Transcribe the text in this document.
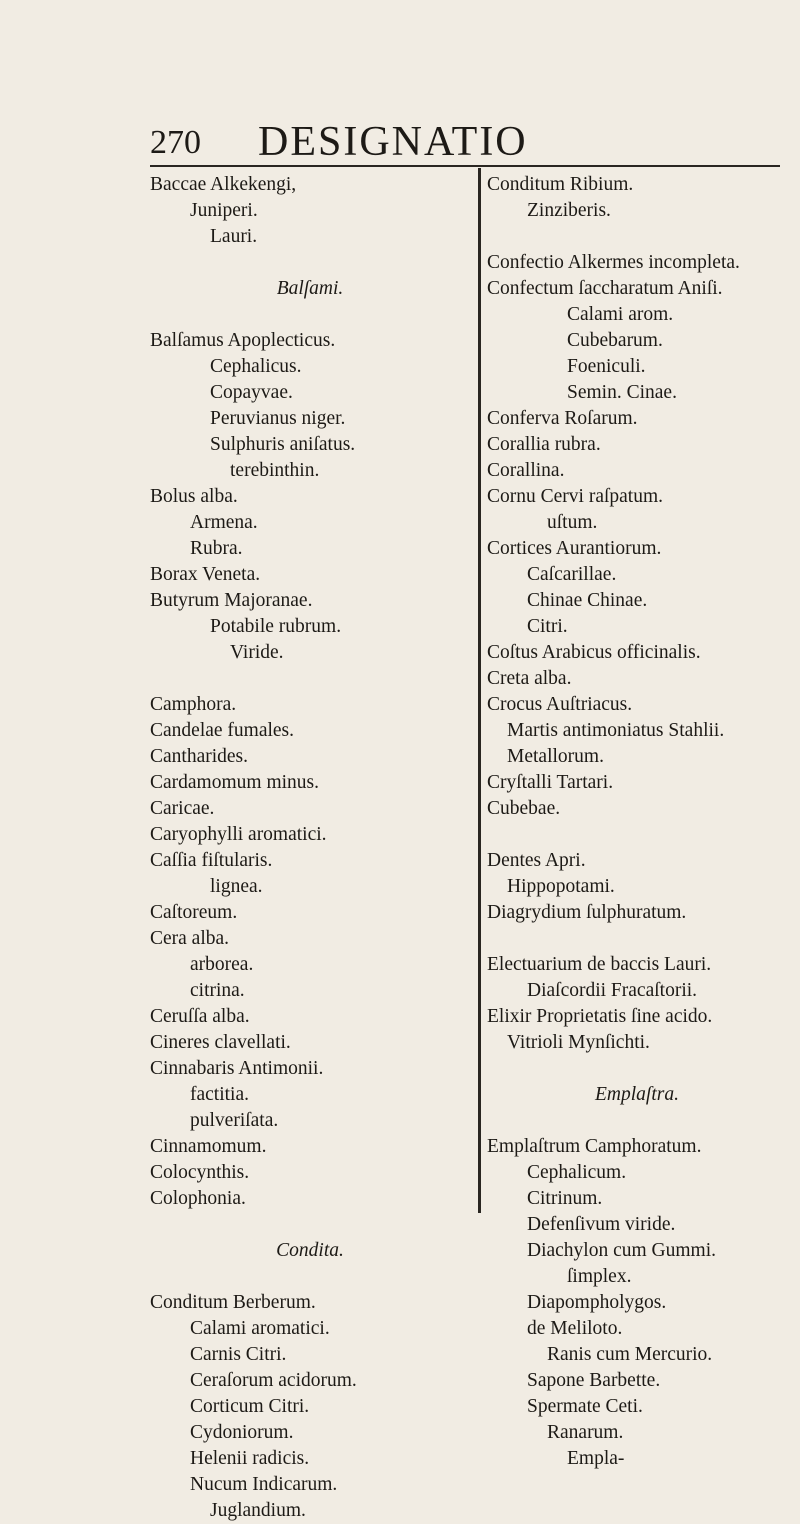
270 DESIGNATIO
Baccae Alkekengi,
Juniperi.
Lauri.
Balſami.
Balſamus Apoplecticus.
Cephalicus.
Copayvae.
Peruvianus niger.
Sulphuris aniſatus.
terebinthin.
Bolus alba.
Armena.
Rubra.
Borax Veneta.
Butyrum Majoranae.
Potabile rubrum.
Viride.
Camphora.
Candelae fumales.
Cantharides.
Cardamomum minus.
Caricae.
Caryophylli aromatici.
Caſſia fiſtularis.
lignea.
Caſtoreum.
Cera alba.
arborea.
citrina.
Ceruſſa alba.
Cineres clavellati.
Cinnabaris Antimonii.
factitia.
pulveriſata.
Cinnamomum.
Colocynthis.
Colophonia.
Condita.
Conditum Berberum.
Calami aromatici.
Carnis Citri.
Ceraſorum acidorum.
Corticum Citri.
Cydoniorum.
Helenii radicis.
Nucum Indicarum.
Juglandium.
Conditum Ribium.
Zinziberis.
Confectio Alkermes incompleta.
Confectum ſaccharatum Aniſi.
Calami arom.
Cubebarum.
Foeniculi.
Semin. Cinae.
Conferva Roſarum.
Corallia rubra.
Corallina.
Cornu Cervi raſpatum.
uſtum.
Cortices Aurantiorum.
Caſcarillae.
Chinae Chinae.
Citri.
Coſtus Arabicus officinalis.
Creta alba.
Crocus Auſtriacus.
Martis antimoniatus Stahlii.
Metallorum.
Cryſtalli Tartari.
Cubebae.
Dentes Apri.
Hippopotami.
Diagrydium ſulphuratum.
Electuarium de baccis Lauri.
Diaſcordii Fracaſtorii.
Elixir Proprietatis ſine acido.
Vitrioli Mynſichti.
Emplaſtra.
Emplaſtrum Camphoratum.
Cephalicum.
Citrinum.
Defenſivum viride.
Diachylon cum Gummi.
ſimplex.
Diapompholygos.
de Meliloto.
Ranis cum Mercurio.
Sapone Barbette.
Spermate Ceti.
Ranarum.
Empla-
